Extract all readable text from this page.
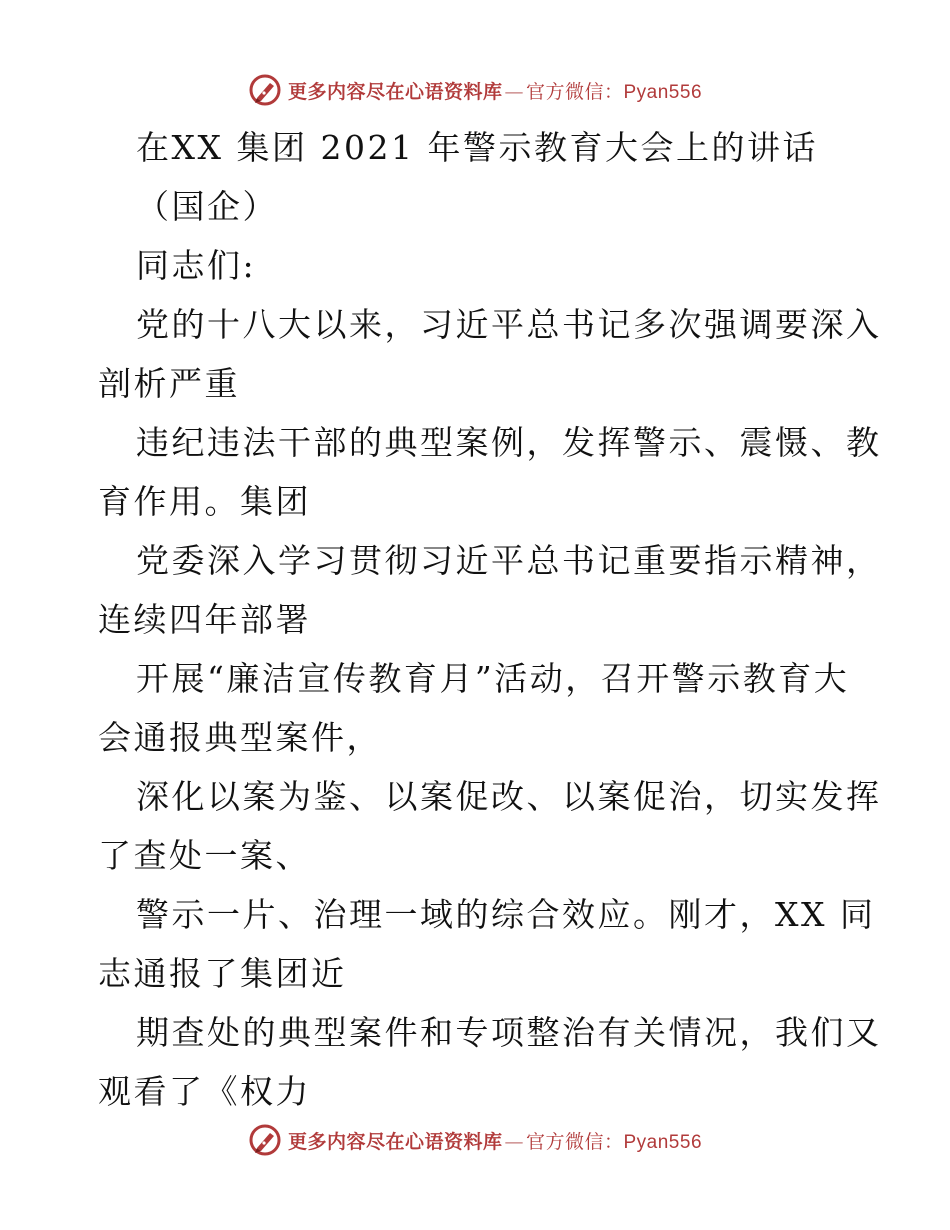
更多内容尽在心语资料库 — 官方微信： Pyan556
在XX 集团 2021 年警示教育大会上的讲话
（国企）
同志们:
党的十八大以来，习近平总书记多次强调要深入
剖析严重
违纪违法干部的典型案例，发挥警示、震慑、教
育作用。集团
党委深入学习贯彻习近平总书记重要指示精神，
连续四年部署
开展“廉洁宣传教育月”活动，召开警示教育大
会通报典型案件，
深化以案为鉴、以案促改、以案促治，切实发挥
了查处一案、
警示一片、治理一域的综合效应。刚才，XX 同
志通报了集团近
期查处的典型案件和专项整治有关情况，我们又
观看了《权力
更多内容尽在心语资料库 — 官方微信： Pyan556
